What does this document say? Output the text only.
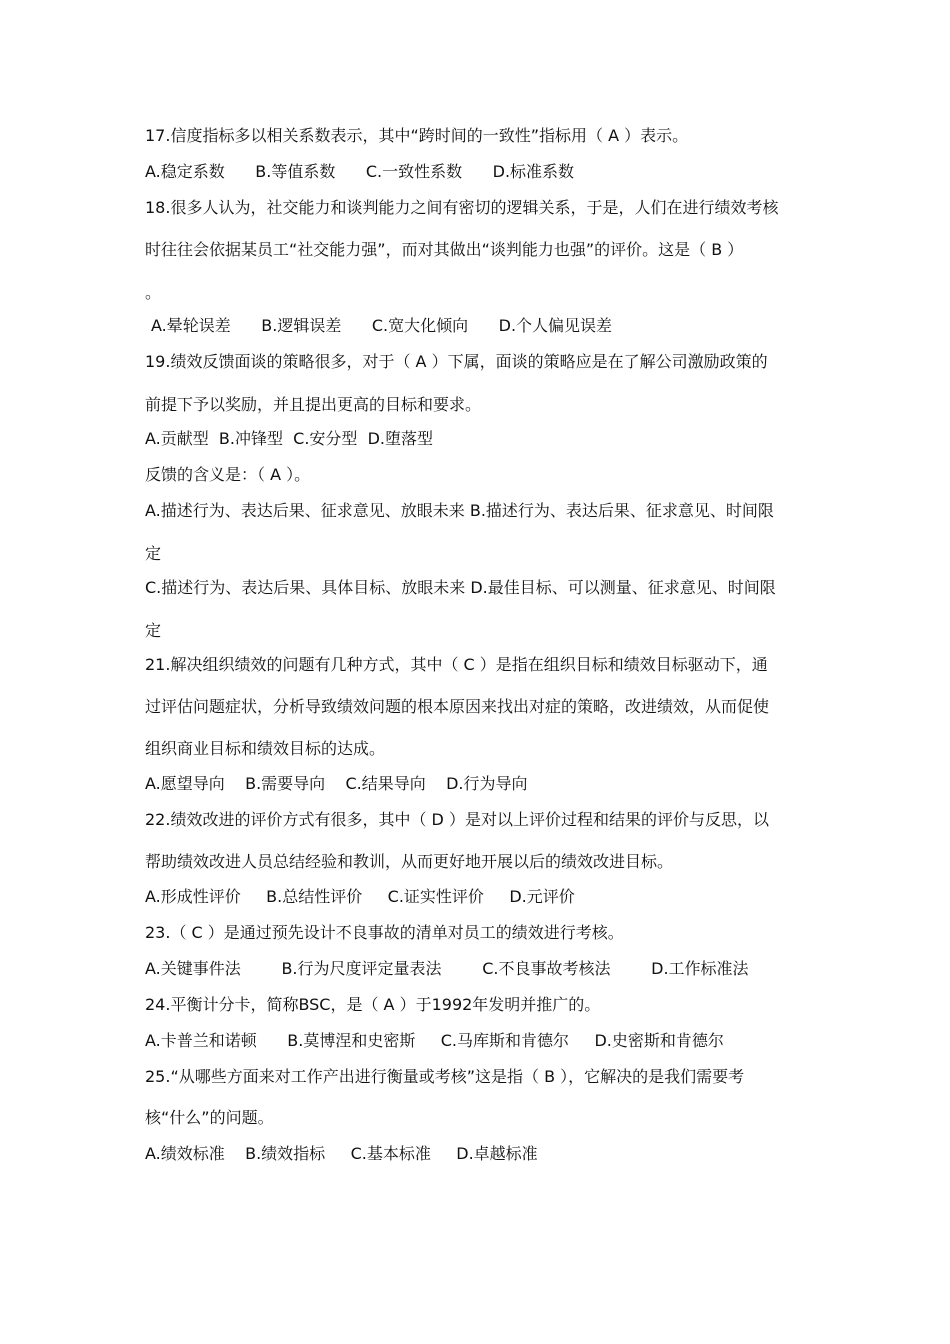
17.信度指标多以相关系数表示，其中“跨时间的一致性”指标用（ A ）表示。
A.稳定系数      B.等值系数      C.一致性系数      D.标准系数
18.很多人认为，社交能力和谈判能力之间有密切的逻辑关系，于是，人们在进行绩效考核
时往往会依据某员工“社交能力强”，而对其做出“谈判能力也强”的评价。这是（ B ）
。
A.晕轮误差      B.逻辑误差      C.宽大化倾向      D.个人偏见误差
19.绩效反馈面谈的策略很多，对于（ A ）下属，面谈的策略应是在了解公司激励政策的
前提下予以奖励，并且提出更高的目标和要求。
A.贡献型  B.冲锋型  C.安分型  D.堕落型
反馈的含义是：（ A ）。
A.描述行为、表达后果、征求意见、放眼未来 B.描述行为、表达后果、征求意见、时间限
定
C.描述行为、表达后果、具体目标、放眼未来 D.最佳目标、可以测量、征求意见、时间限
定
21.解决组织绩效的问题有几种方式，其中（ C ）是指在组织目标和绩效目标驱动下，通
过评估问题症状，分析导致绩效问题的根本原因来找出对症的策略，改进绩效，从而促使
组织商业目标和绩效目标的达成。
A.愿望导向    B.需要导向    C.结果导向    D.行为导向
22.绩效改进的评价方式有很多，其中（ D ）是对以上评价过程和结果的评价与反思，以
帮助绩效改进人员总结经验和教训，从而更好地开展以后的绩效改进目标。
A.形成性评价     B.总结性评价     C.证实性评价     D.元评价
23.（ C ）是通过预先设计不良事故的清单对员工的绩效进行考核。
A.关键事件法        B.行为尺度评定量表法        C.不良事故考核法        D.工作标准法
24.平衡计分卡，简称BSC，是（ A ）于1992年发明并推广的。
A.卡普兰和诺顿      B.莫博涅和史密斯     C.马库斯和肯德尔     D.史密斯和肯德尔
25.“从哪些方面来对工作产出进行衡量或考核”这是指（ B ），它解决的是我们需要考
核“什么”的问题。
A.绩效标准    B.绩效指标     C.基本标准     D.卓越标准
